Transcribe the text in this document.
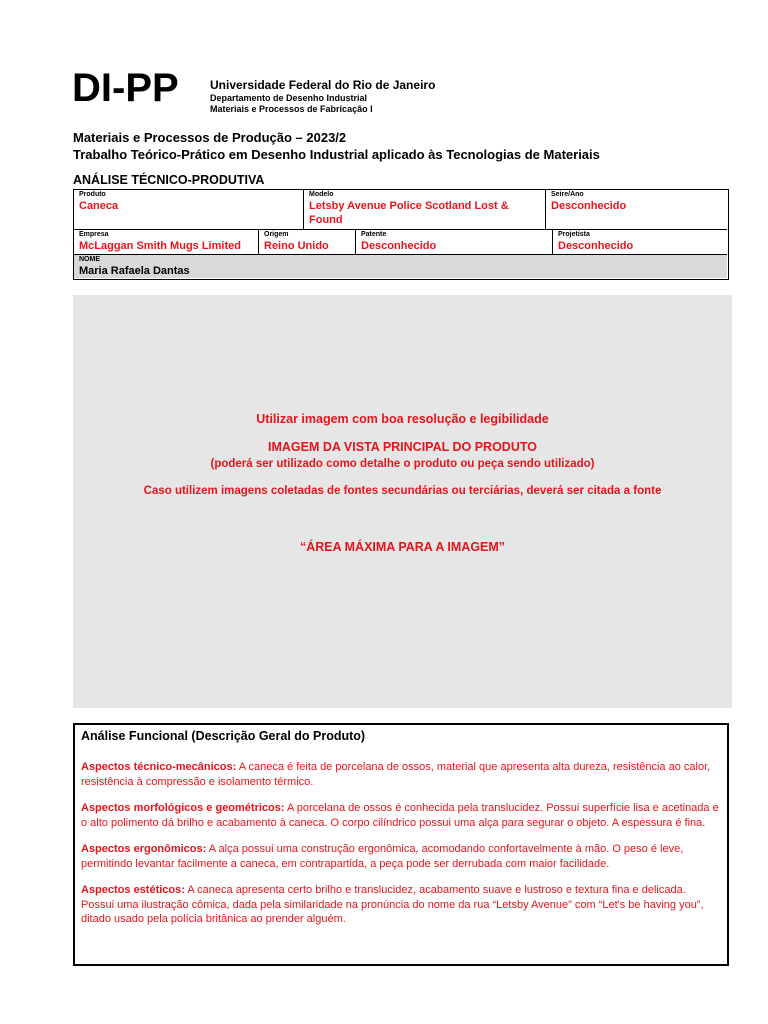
DI-PP	Universidade Federal do Rio de Janeiro
Departamento de Desenho Industrial
Materiais e Processos de Fabricação I
Materiais e Processos de Produção – 2023/2
Trabalho Teórico-Prático em Desenho Industrial aplicado às Tecnologias de Materiais
ANÁLISE TÉCNICO-PRODUTIVA
Produto
Caneca
Modelo
Letsby Avenue Police Scotland Lost & Found
Seire/Ano
Desconhecido
Empresa
McLaggan Smith Mugs Limited
Origem
Reino Unido
Patente
Desconhecido
Projetista
Desconhecido
NOME
Maria Rafaela Dantas
Utilizar imagem com boa resolução e legibilidade
IMAGEM DA VISTA PRINCIPAL DO PRODUTO
(poderá ser utilizado como detalhe o produto ou peça sendo utilizado)
Caso utilizem imagens coletadas de fontes secundárias ou terciárias, deverá ser citada a fonte
“ÁREA MÁXIMA PARA A IMAGEM”
Análise Funcional (Descrição Geral do Produto)

Aspectos técnico-mecânicos: A caneca é feita de porcelana de ossos, material que apresenta alta dureza, resistência ao calor, resistência à compressão e isolamento térmico.

Aspectos morfológicos e geométricos: A porcelana de ossos é conhecida pela translucidez. Possui superfície lisa e acetinada e o alto polimento dá brilho e acabamento à caneca. O corpo cilíndrico possui uma alça para segurar o objeto. A espessura é fina.

Aspectos ergonômicos: A alça possui uma construção ergonômica, acomodando confortavelmente à mão. O peso é leve, permitindo levantar facilmente a caneca, em contrapartida, a peça pode ser derrubada com maior facilidade.

Aspectos estéticos: A caneca apresenta certo brilho e translucidez, acabamento suave e lustroso e textura fina e delicada. Possui uma ilustração cômica, dada pela similaridade na pronúncia do nome da rua “Letsby Avenue” com “Let's be having you”, ditado usado pela polícia britânica ao prender alguém.
